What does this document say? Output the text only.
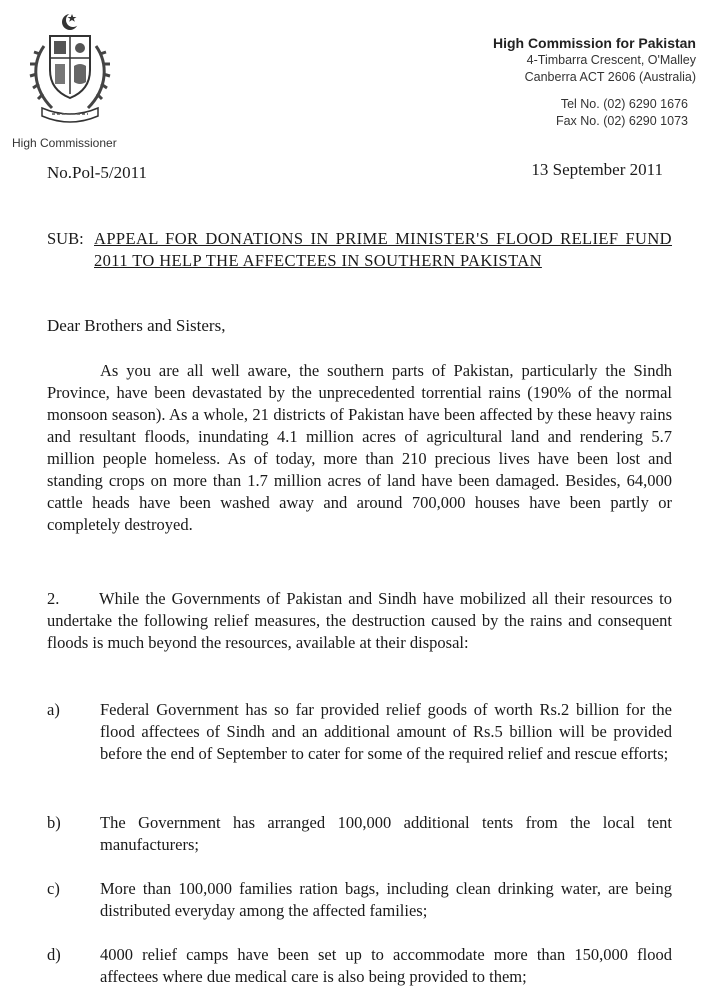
High Commissioner
High Commission for Pakistan
4-Timbarra Crescent, O'Malley
Canberra ACT 2606 (Australia)
Tel No. (02) 6290 1676
Fax No. (02) 6290 1073
No.Pol-5/2011	13 September 2011
SUB: APPEAL FOR DONATIONS IN PRIME MINISTER'S FLOOD RELIEF FUND 2011 TO HELP THE AFFECTEES IN SOUTHERN PAKISTAN
Dear Brothers and Sisters,
As you are all well aware, the southern parts of Pakistan, particularly the Sindh Province, have been devastated by the unprecedented torrential rains (190% of the normal monsoon season). As a whole, 21 districts of Pakistan have been affected by these heavy rains and resultant floods, inundating 4.1 million acres of agricultural land and rendering 5.7 million people homeless. As of today, more than 210 precious lives have been lost and standing crops on more than 1.7 million acres of land have been damaged. Besides, 64,000 cattle heads have been washed away and around 700,000 houses have been partly or completely destroyed.
2. While the Governments of Pakistan and Sindh have mobilized all their resources to undertake the following relief measures, the destruction caused by the rains and consequent floods is much beyond the resources, available at their disposal:
a) Federal Government has so far provided relief goods of worth Rs.2 billion for the flood affectees of Sindh and an additional amount of Rs.5 billion will be provided before the end of September to cater for some of the required relief and rescue efforts;
b) The Government has arranged 100,000 additional tents from the local tent manufacturers;
c) More than 100,000 families ration bags, including clean drinking water, are being distributed everyday among the affected families;
d) 4000 relief camps have been set up to accommodate more than 150,000 flood affectees where due medical care is also being provided to them;
